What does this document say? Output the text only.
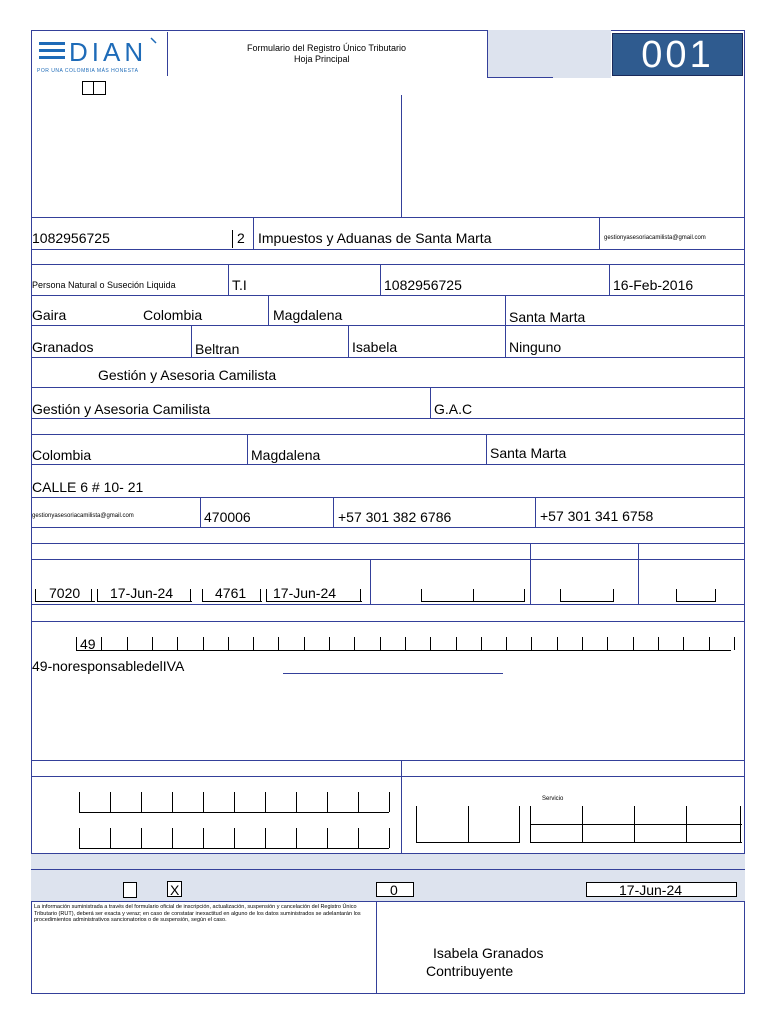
DIAN
POR UNA COLOMBIA MÁS HONESTA
Formulario del Registro Único Tributario
Hoja Principal	001
1082956725	2 Impuestos y Aduanas de Santa Marta	gestionyasesoriacamilista@gmail.com
Persona Natural o Suseción Liquida	T.I	1082956725	16-Feb-2016
Gaira	Colombia	Magdalena	Santa Marta
Granados	Beltran	Isabela	Ninguno
Gestión y Asesoria Camilista
Gestión y Asesoria Camilista	G.A.C
Colombia	Magdalena	Santa Marta
CALLE 6 # 10- 21
gestionyasesoriacamilista@gmail.com	470006	+57 301 382 6786	+57 301 341 6758
7020 17-Jun-24	4761 17-Jun-24
49
49-noresponsabledelIVA
Servicio
X	0	17-Jun-24
La información suministrada a través del formulario oficial de inscripción, actualización, suspensión y cancelación del Registro Único Tributario (RUT), deberá ser exacta y veraz; en caso de constatar inexactitud en alguno de los datos suministrados se adelantarán los procedimientos administrativos sancionatorios o de suspensión, según el caso.
Isabela Granados
Contribuyente
